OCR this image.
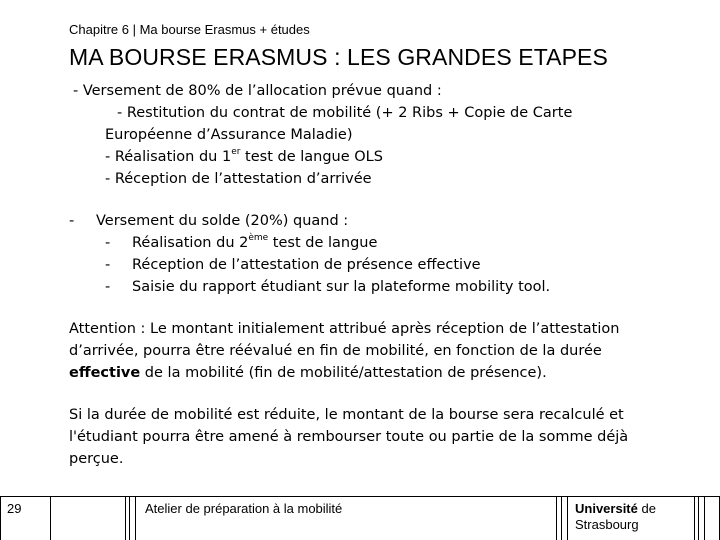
Chapitre 6 | Ma bourse Erasmus + études
MA BOURSE ERASMUS : LES GRANDES ETAPES
- Versement de 80% de l’allocation prévue quand :
- Restitution du contrat de mobilité (+ 2 Ribs + Copie de Carte
Européenne d’Assurance Maladie)
- Réalisation du 1er test de langue OLS
- Réception de l’attestation d’arrivée
- Versement du solde (20%) quand :
- Réalisation du 2ème test de langue
- Réception de l’attestation de présence effective
- Saisie du rapport étudiant sur la plateforme mobility tool.
Attention : Le montant initialement attribué après réception de l’attestation
d’arrivée, pourra être réévalué en fin de mobilité, en fonction de la durée
effective de la mobilité (fin de mobilité/attestation de présence).
Si la durée de mobilité est réduite, le montant de la bourse sera recalculé et
l'étudiant pourra être amené à rembourser toute ou partie de la somme déjà
perçue.
29	Atelier de préparation à la mobilité	Université de
Strasbourg
